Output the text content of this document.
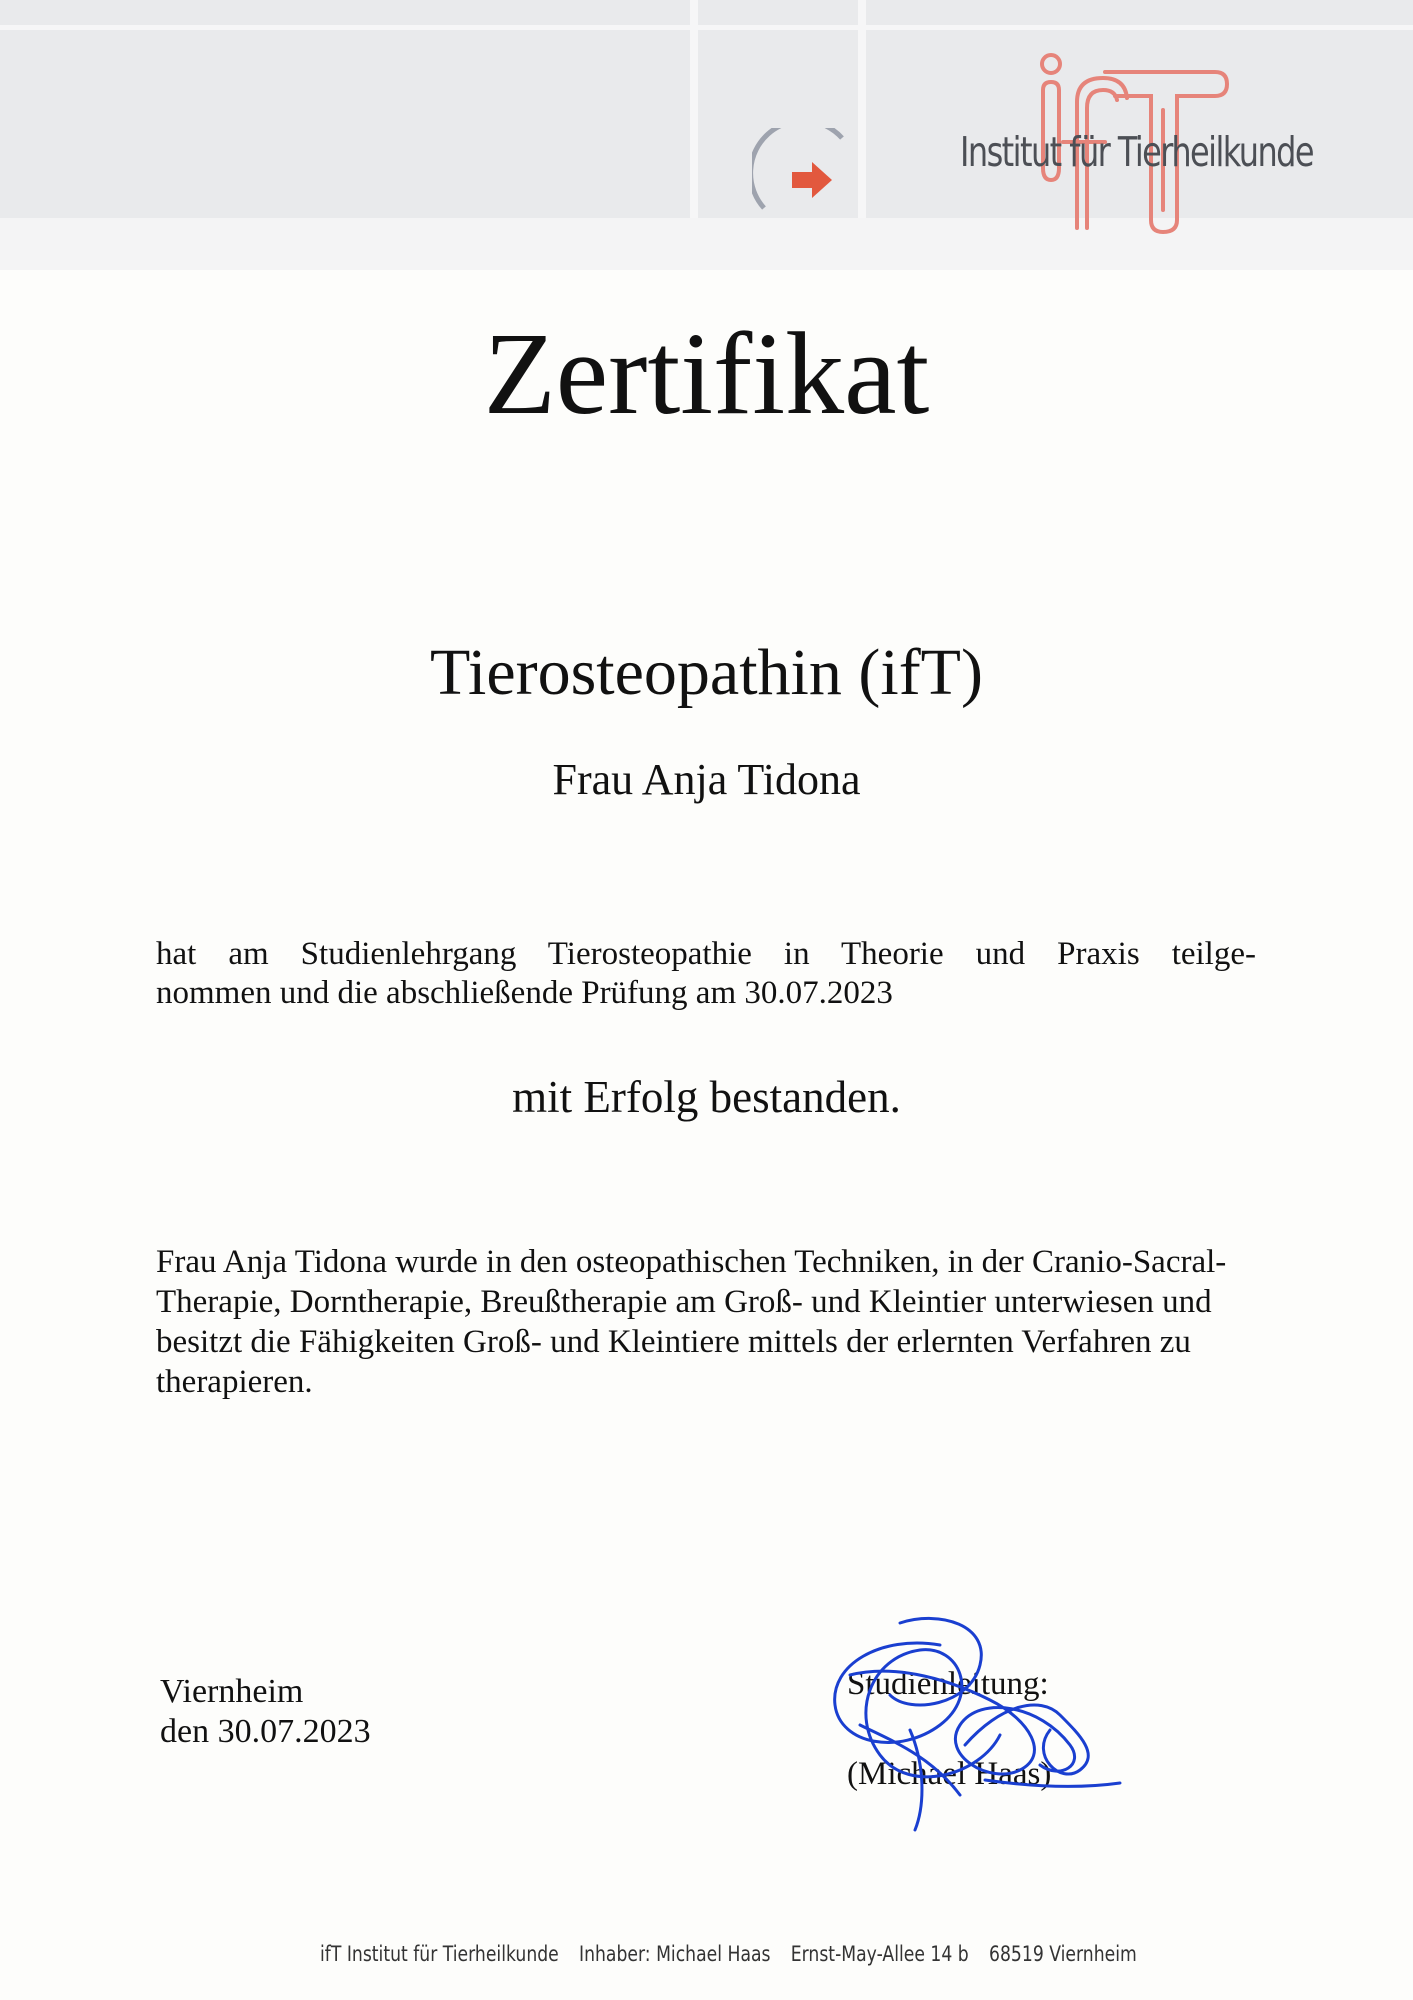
Institut für Tierheilkunde
Zertifikat
Tierosteopathin (ifT)
Frau Anja Tidona
hat am Studienlehrgang Tierosteopathie in Theorie und Praxis teilge-
nommen und die abschließende Prüfung am 30.07.2023
mit Erfolg bestanden.
Frau Anja Tidona wurde in den osteopathischen Techniken, in der Cranio-Sacral-Therapie, Dorntherapie, Breußtherapie am Groß- und Kleintier unterwiesen und besitzt die Fähigkeiten Groß- und Kleintiere mittels der erlernten Verfahren zu therapieren.
Viernheim
den 30.07.2023
Studienleitung:
(Michael Haas)
ifT Institut für Tierheilkunde Inhaber: Michael Haas Ernst-May-Allee 14 b 68519 Viernheim
